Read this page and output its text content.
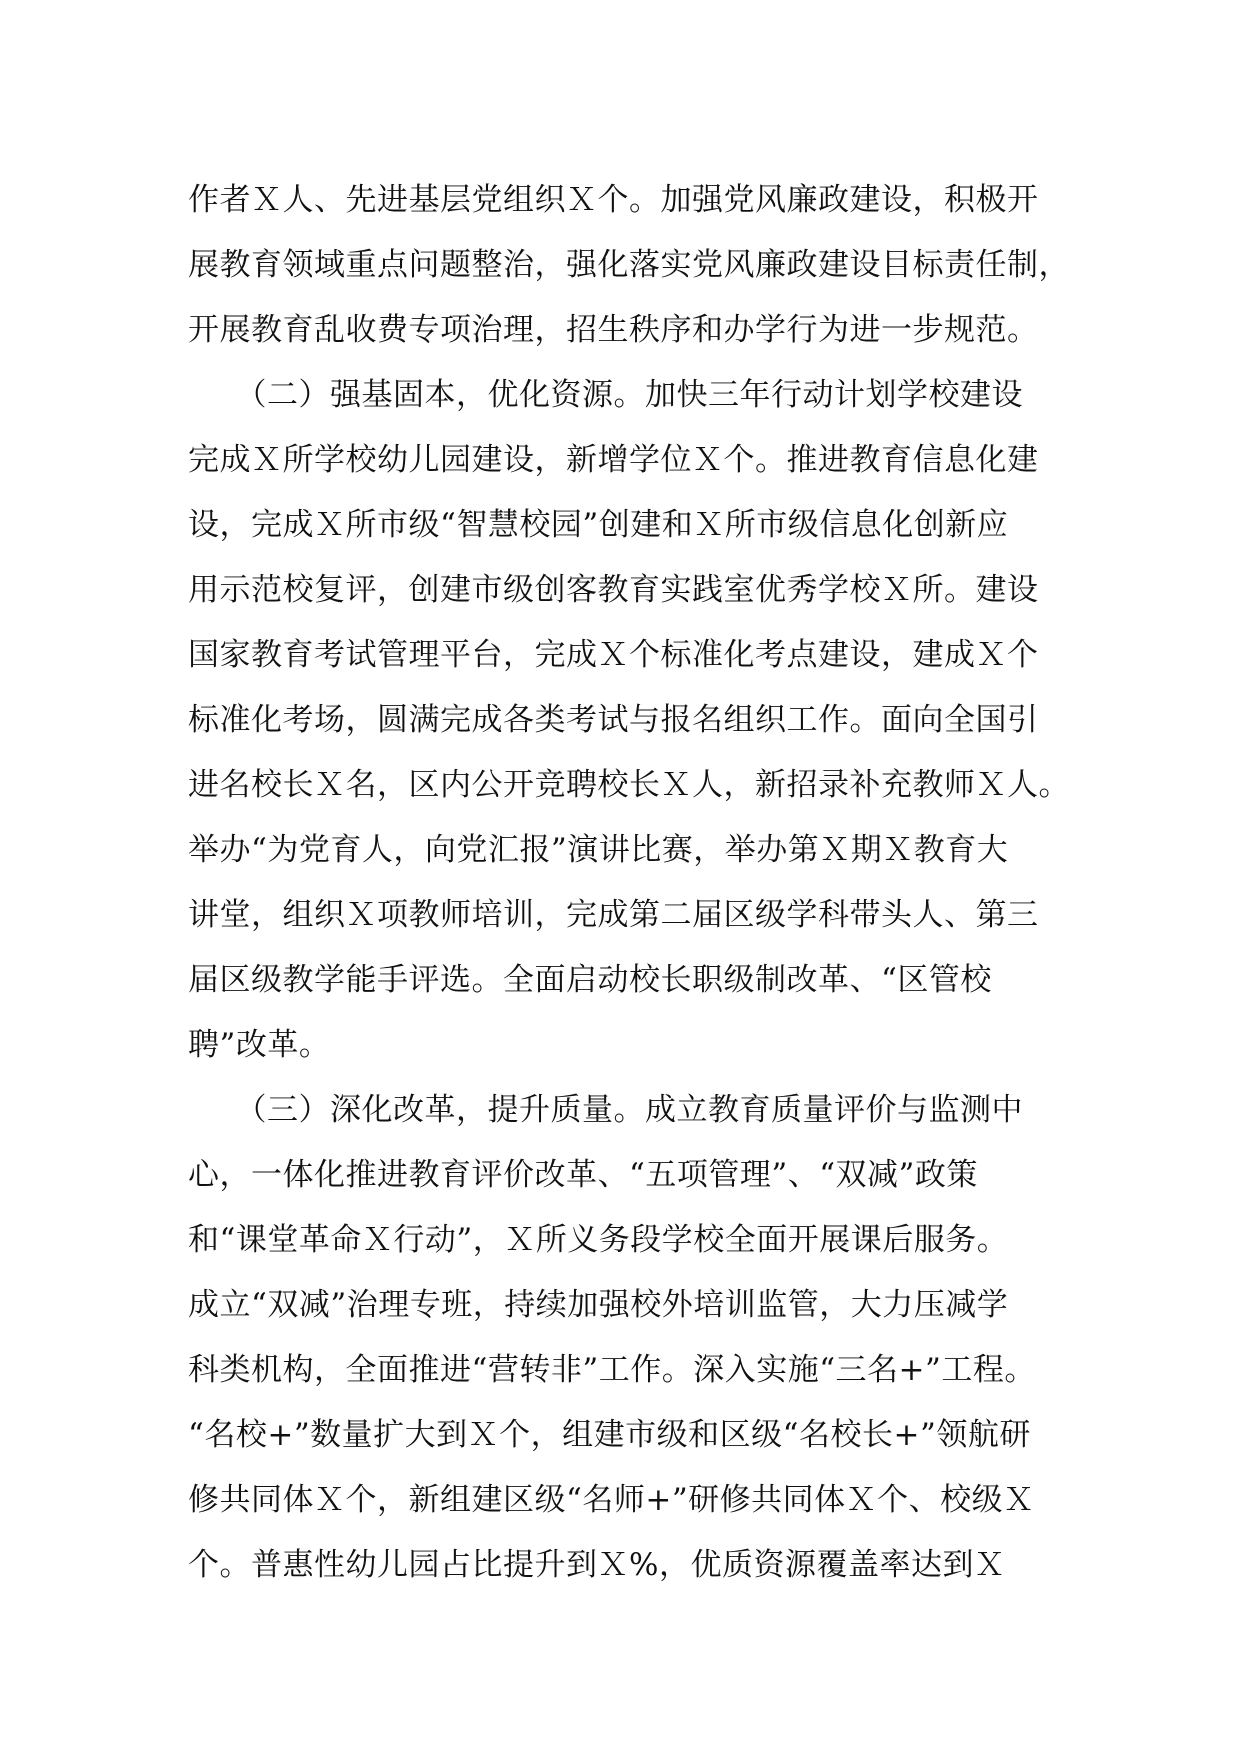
作者Ｘ人、先进基层党组织Ｘ个。加强党风廉政建设，积极开
展教育领域重点问题整治，强化落实党风廉政建设目标责任制，
开展教育乱收费专项治理，招生秩序和办学行为进一步规范。
　　（二）强基固本，优化资源。加快三年行动计划学校建设
完成Ｘ所学校幼儿园建设，新增学位Ｘ个。推进教育信息化建
设，完成Ｘ所市级“智慧校园”创建和Ｘ所市级信息化创新应
用示范校复评，创建市级创客教育实践室优秀学校Ｘ所。建设
国家教育考试管理平台，完成Ｘ个标准化考点建设，建成Ｘ个
标准化考场，圆满完成各类考试与报名组织工作。面向全国引
进名校长Ｘ名，区内公开竞聘校长Ｘ人，新招录补充教师Ｘ人。
举办“为党育人，向党汇报”演讲比赛，举办第Ｘ期Ｘ教育大
讲堂，组织Ｘ项教师培训，完成第二届区级学科带头人、第三
届区级教学能手评选。全面启动校长职级制改革、“区管校
聘”改革。
　　（三）深化改革，提升质量。成立教育质量评价与监测中
心，一体化推进教育评价改革、“五项管理”、“双减”政策
和“课堂革命Ｘ行动”，Ｘ所义务段学校全面开展课后服务。
成立“双减”治理专班，持续加强校外培训监管，大力压减学
科类机构，全面推进“营转非”工作。深入实施“三名+”工程。
“名校+”数量扩大到Ｘ个，组建市级和区级“名校长+”领航研
修共同体Ｘ个，新组建区级“名师+”研修共同体Ｘ个、校级Ｘ
个。普惠性幼儿园占比提升到Ｘ%，优质资源覆盖率达到Ｘ
